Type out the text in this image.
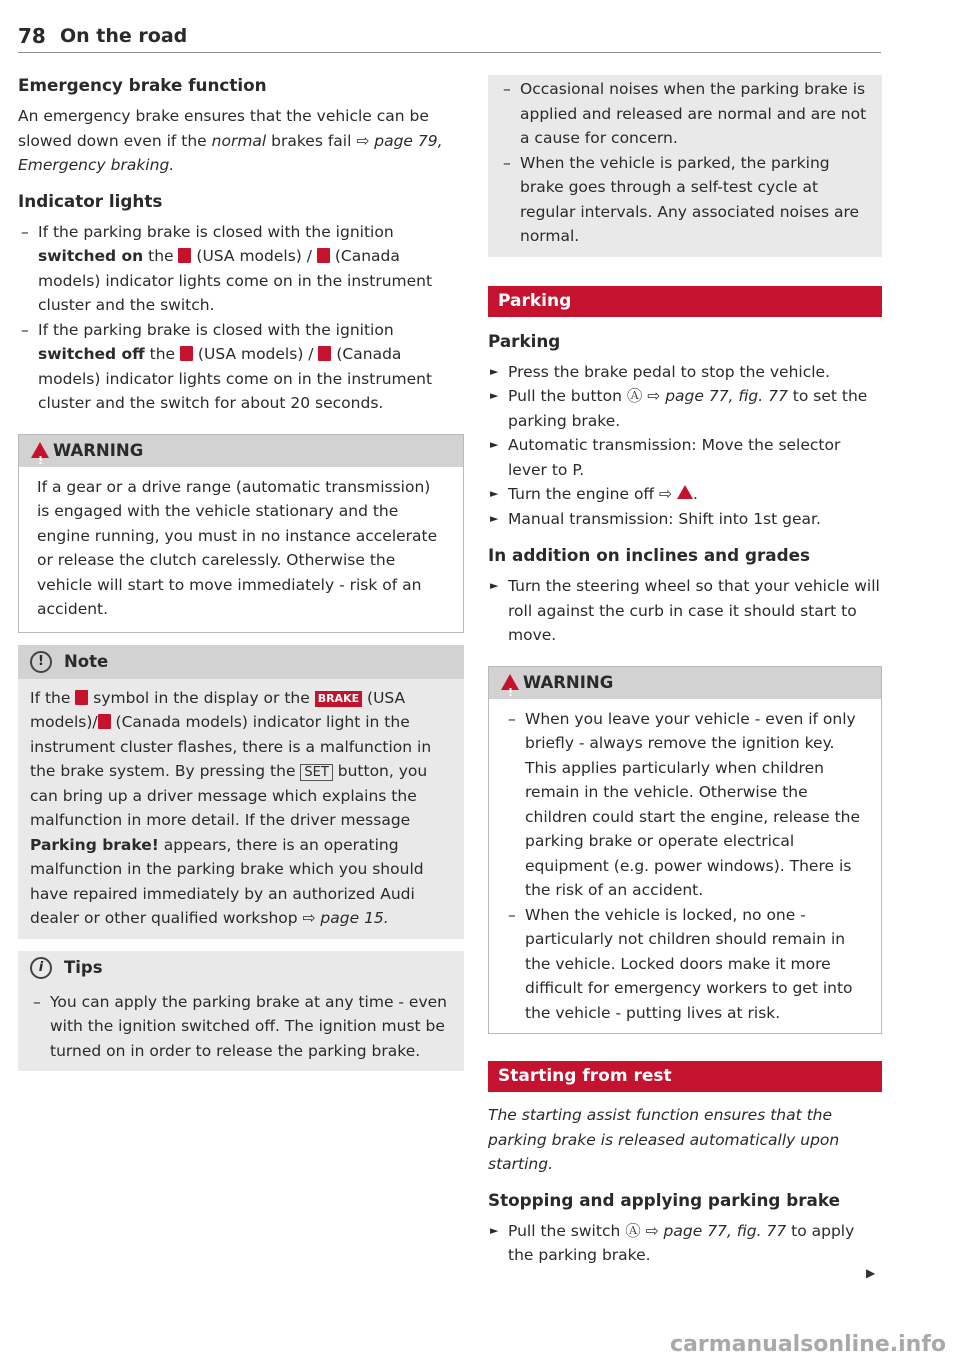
78 On the road
Emergency brake function

An emergency brake ensures that the vehicle can be slowed down even if the normal brakes fail ⇨ page 79, Emergency braking.

Indicator lights
– If the parking brake is closed with the ignition switched on the  (USA models) /  (Canada models) indicator lights come on in the instrument cluster and the switch.
– If the parking brake is closed with the ignition switched off the  (USA models) /  (Canada models) indicator lights come on in the instrument cluster and the switch for about 20 seconds.
!
WARNING
If a gear or a drive range (automatic transmission) is engaged with the vehicle stationary and the engine running, you must in no instance accelerate or release the clutch carelessly. Otherwise the vehicle will start to move immediately - risk of an accident.
!	Note
If the  symbol in the display or the BRAKE (USA models)/ (Canada models) indicator light in the instrument cluster flashes, there is a malfunction in the brake system. By pressing the SET button, you can bring up a driver message which explains the malfunction in more detail. If the driver message Parking brake! appears, there is an operating malfunction in the parking brake which you should have repaired immediately by an authorized Audi dealer or other qualified workshop ⇨ page 15.
i	Tips
– You can apply the parking brake at any time - even with the ignition switched off. The ignition must be turned on in order to release the parking brake.
– Occasional noises when the parking brake is applied and released are normal and are not a cause for concern.
– When the vehicle is parked, the parking brake goes through a self-test cycle at regular intervals. Any associated noises are normal.
Parking
Parking
► Press the brake pedal to stop the vehicle.
► Pull the button Ⓐ ⇨ page 77, fig. 77 to set the parking brake.
► Automatic transmission: Move the selector lever to P.
► Turn the engine off ⇨ .
► Manual transmission: Shift into 1st gear.
In addition on inclines and grades
► Turn the steering wheel so that your vehicle will roll against the curb in case it should start to move.
!
WARNING
– When you leave your vehicle - even if only briefly - always remove the ignition key. This applies particularly when children remain in the vehicle. Otherwise the children could start the engine, release the parking brake or operate electrical equipment (e.g. power windows). There is the risk of an accident.
– When the vehicle is locked, no one - particularly not children should remain in the vehicle. Locked doors make it more difficult for emergency workers to get into the vehicle - putting lives at risk.
Starting from rest

The starting assist function ensures that the parking brake is released automatically upon starting.

Stopping and applying parking brake
► Pull the switch Ⓐ ⇨ page 77, fig. 77 to apply the parking brake.
▶
carmanualsonline.info
